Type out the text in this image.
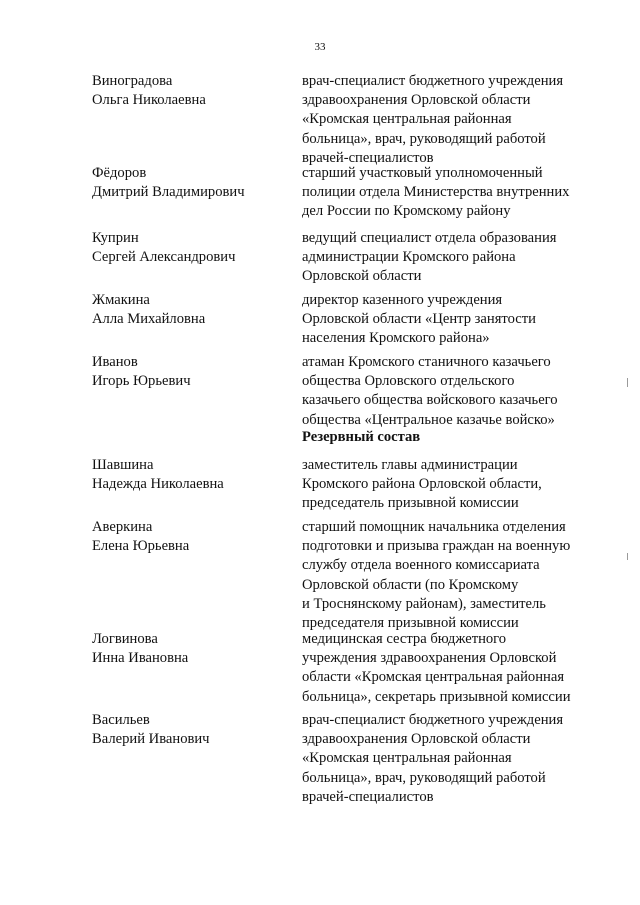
33
Виноградова
Ольга Николаевна
врач-специалист бюджетного учреждения
здравоохранения Орловской области
«Кромская центральная районная
больница», врач, руководящий работой
врачей-специалистов
Фёдоров
Дмитрий Владимирович
старший участковый уполномоченный
полиции отдела Министерства внутренних
дел России по Кромскому району
Куприн
Сергей Александрович
ведущий специалист отдела образования
администрации Кромского района
Орловской области
Жмакина
Алла Михайловна
директор казенного учреждения
Орловской области «Центр занятости
населения Кромского района»
Иванов
Игорь Юрьевич
атаман Кромского станичного казачьего
общества Орловского отдельского
казачьего общества войскового казачьего
общества «Центральное казачье войско»
Резервный состав
Шавшина
Надежда Николаевна
заместитель главы администрации
Кромского района Орловской области,
председатель призывной комиссии
Аверкина
Елена Юрьевна
старший помощник начальника отделения
подготовки и призыва граждан на военную
службу отдела военного комиссариата
Орловской области (по Кромскому
и Троснянскому районам), заместитель
председателя призывной комиссии
Логвинова
Инна Ивановна
медицинская сестра бюджетного
учреждения здравоохранения Орловской
области «Кромская центральная районная
больница», секретарь призывной комиссии
Васильев
Валерий Иванович
врач-специалист бюджетного учреждения
здравоохранения Орловской области
«Кромская центральная районная
больница», врач, руководящий работой
врачей-специалистов
